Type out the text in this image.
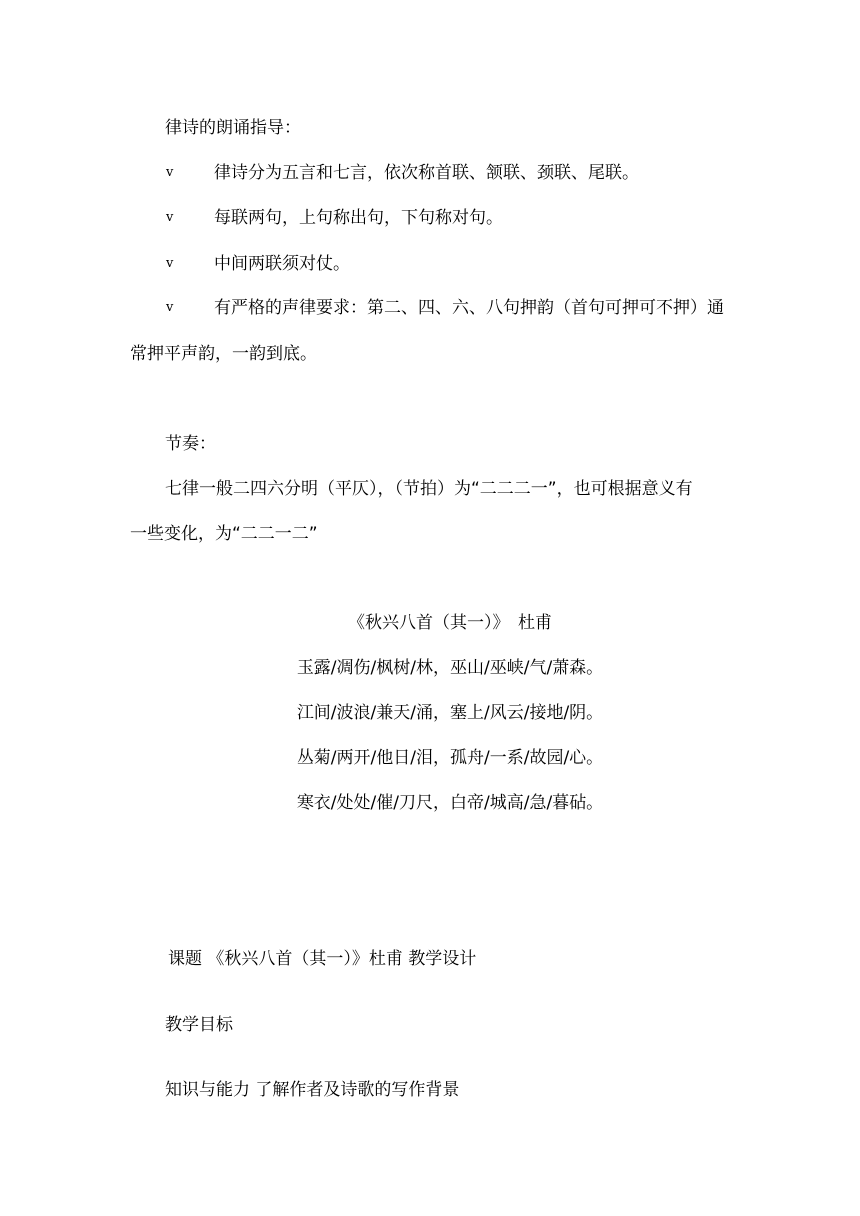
律诗的朗诵指导：
v 律诗分为五言和七言，依次称首联、颔联、颈联、尾联。
v 每联两句，上句称出句，下句称对句。
v 中间两联须对仗。
v 有严格的声律要求：第二、四、六、八句押韵（首句可押可不押）通
常押平声韵，一韵到底。
节奏：
七律一般二四六分明（平仄），（节拍）为“二二二一”，也可根据意义有
一些变化，为“二二一二”
《秋兴八首（其一）》　杜甫
玉露/凋伤/枫树/林，巫山/巫峡/气/萧森。
江间/波浪/兼天/涌，塞上/风云/接地/阴。
丛菊/两开/他日/泪，孤舟/一系/故园/心。
寒衣/处处/催/刀尺，白帝/城高/急/暮砧。
课题 《秋兴八首（其一）》杜甫 教学设计
教学目标
知识与能力 了解作者及诗歌的写作背景
